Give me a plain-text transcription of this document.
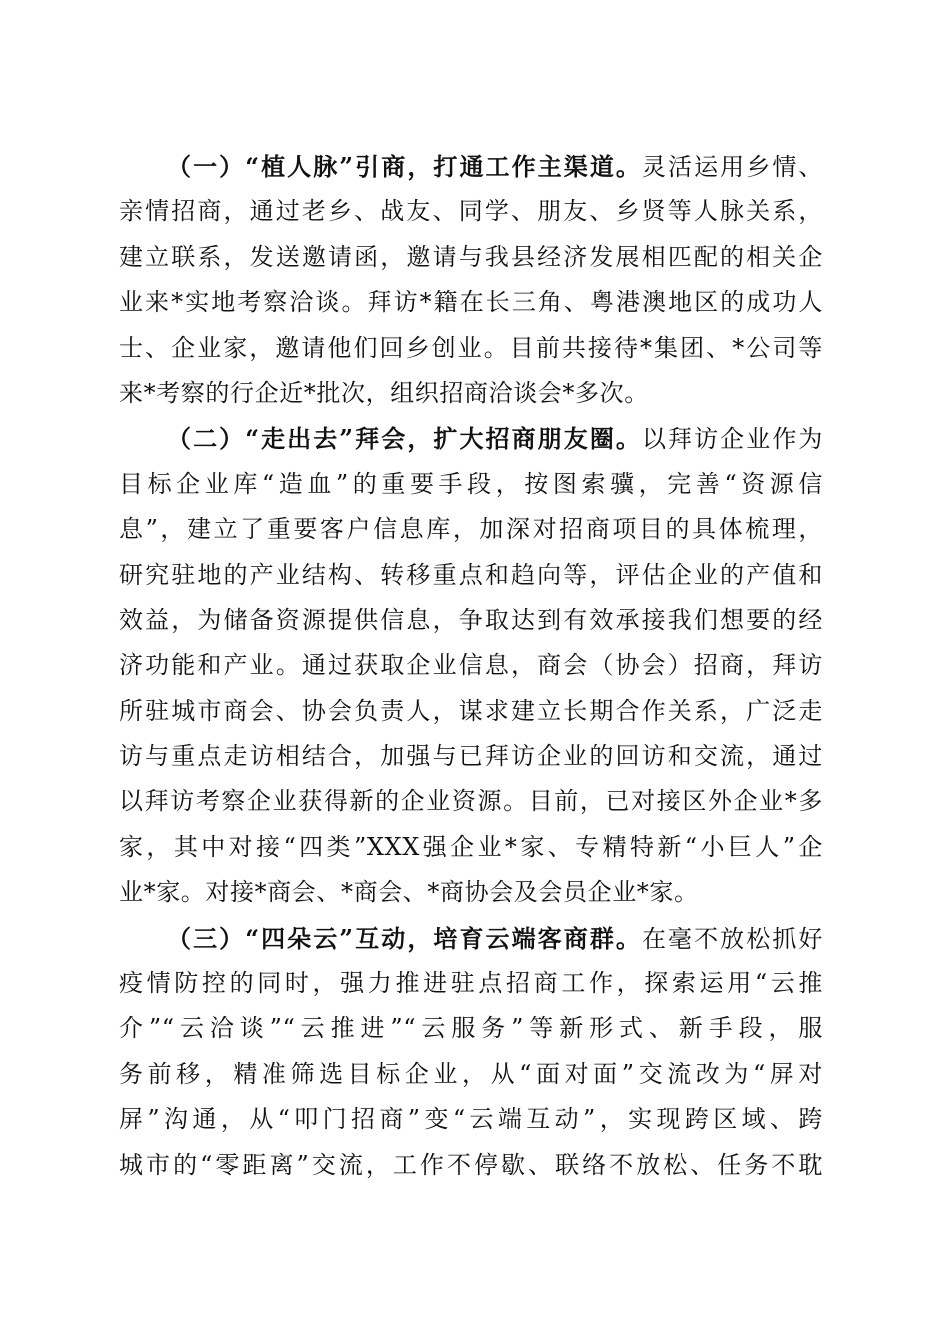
（一）“植人脉”引商，打通工作主渠道。灵活运用乡情、
亲情招商，通过老乡、战友、同学、朋友、乡贤等人脉关系，
建立联系，发送邀请函，邀请与我县经济发展相匹配的相关企
业来*实地考察洽谈。拜访*籍在长三角、粤港澳地区的成功人
士、企业家，邀请他们回乡创业。目前共接待*集团、*公司等
来*考察的行企近*批次，组织招商洽谈会*多次。
（二）“走出去”拜会，扩大招商朋友圈。以拜访企业作为
目标企业库“造血”的重要手段，按图索骥，完善“资源信
息”，建立了重要客户信息库，加深对招商项目的具体梳理，
研究驻地的产业结构、转移重点和趋向等，评估企业的产值和
效益，为储备资源提供信息，争取达到有效承接我们想要的经
济功能和产业。通过获取企业信息，商会（协会）招商，拜访
所驻城市商会、协会负责人，谋求建立长期合作关系，广泛走
访与重点走访相结合，加强与已拜访企业的回访和交流，通过
以拜访考察企业获得新的企业资源。目前，已对接区外企业*多
家，其中对接“四类”XXX强企业*家、专精特新“小巨人”企
业*家。对接*商会、*商会、*商协会及会员企业*家。
（三）“四朵云”互动，培育云端客商群。在毫不放松抓好
疫情防控的同时，强力推进驻点招商工作，探索运用“云推
介”“云洽谈”“云推进”“云服务”等新形式、新手段，服
务前移，精准筛选目标企业，从“面对面”交流改为“屏对
屏”沟通，从“叩门招商”变“云端互动”，实现跨区域、跨
城市的“零距离”交流，工作不停歇、联络不放松、任务不耽
